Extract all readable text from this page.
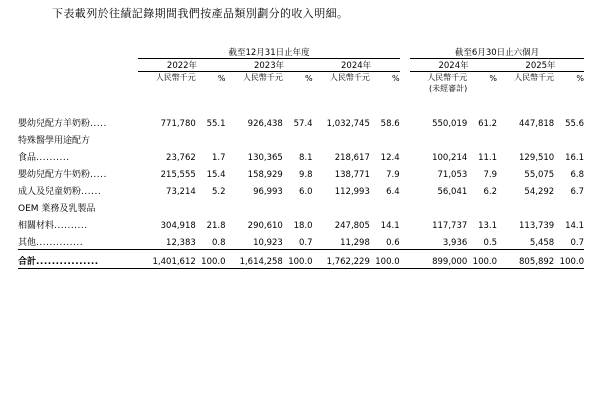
下表載列於往績記錄期間我們按產品類別劃分的收入明細。
	截至12月31日止年度							截至6月30日止六個月			

	2022年		2023年		2024年			2024年		2025年	

	人民幣千元	%	人民幣千元	%	人民幣千元	%		人民幣千元	%	人民幣千元	%
								(未經審計)			

嬰幼兒配方羊奶粉.....	771,780	55.1	926,438	57.4	1,032,745	58.6		550,019	61.2	447,818	55.6
特殊醫學用途配方											
食品..........	23,762	1.7	130,365	8.1	218,617	12.4		100,214	11.1	129,510	16.1
嬰幼兒配方牛奶粉.....	215,555	15.4	158,929	9.8	138,771	7.9		71,053	7.9	55,075	6.8
成人及兒童奶粉......	73,214	5.2	96,993	6.0	112,993	6.4		56,041	6.2	54,292	6.7
OEM 業務及乳製品											
相關材料..........	304,918	21.8	290,610	18.0	247,805	14.1		117,737	13.1	113,739	14.1
其他..............	12,383	0.8	10,923	0.7	11,298	0.6		3,936	0.5	5,458	0.7

合計................	1,401,612	100.0	1,614,258	100.0	1,762,229	100.0		899,000	100.0	805,892	100.0
